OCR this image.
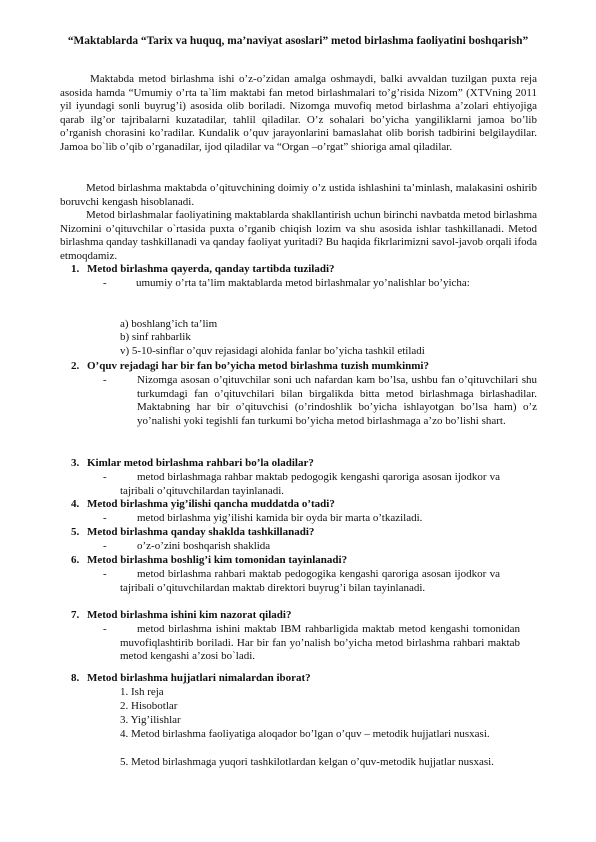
“Maktablarda “Tarix va huquq, ma’naviyat asoslari” metod birlashma faoliyatini boshqarish”
Maktabda metod birlashma ishi o’z-o’zidan amalga oshmaydi, balki avvaldan tuzilgan puxta reja asosida hamda “Umumiy o’rta ta`lim maktabi fan metod birlashmalari to’g’risida Nizom” (XTVning 2011 yil iyundagi sonli buyrug’i) asosida olib boriladi. Nizomga muvofiq metod birlashma a’zolari ehtiyojiga qarab ilg’or tajribalarni kuzatadilar, tahlil qiladilar. O’z sohalari bo’yicha yangiliklarni jamoa bo’lib o’rganish chorasini ko’radilar. Kundalik o’quv jarayonlarini bamaslahat olib borish tadbirini belgilaydilar. Jamoa bo`lib o’qib o’rganadilar, ijod qiladilar va “Organ –o’rgat” shioriga amal qiladilar.
Metod birlashma maktabda o’qituvchining doimiy o’z ustida ishlashini ta’minlash, malakasini oshirib boruvchi kengash hisoblanadi.
Metod birlashmalar faoliyatining maktablarda shakllantirish uchun birinchi navbatda metod birlashma Nizomini o’qituvchilar o`rtasida puxta o’rganib chiqish lozim va shu asosida ishlar tashkillanadi. Metod birlashma qanday tashkillanadi va qanday faoliyat yuritadi? Bu haqida fikrlarimizni savol-javob orqali ifoda etmoqdamiz.
1. Metod birlashma qayerda, qanday tartibda tuziladi?
-	umumiy o’rta ta’lim maktablarda metod birlashmalar yo’nalishlar bo’yicha:
a) boshlang’ich ta’lim
b) sinf rahbarlik
v) 5-10-sinflar o’quv rejasidagi alohida fanlar bo’yicha tashkil etiladi
2. O’quv rejadagi har bir fan bo’yicha metod birlashma tuzish mumkinmi?
-	Nizomga asosan o’qituvchilar soni uch nafardan kam bo’lsa, ushbu fan o’qituvchilari shu turkumdagi fan o’qituvchilari bilan birgalikda bitta metod birlashmaga birlashadilar. Maktabning har bir o’qituvchisi (o’rindoshlik bo’yicha ishlayotgan bo’lsa ham) o’z yo’nalishi yoki tegishli fan turkumi bo’yicha metod birlashmaga a’zo bo’lishi shart.
3. Kimlar metod birlashma rahbari bo’la oladilar?
-	metod birlashmaga rahbar maktab pedogogik kengashi qaroriga asosan ijodkor va tajribali o’qituvchilardan tayinlanadi.
4. Metod birlashma yig’ilishi qancha muddatda o’tadi?
-	metod birlashma yig’ilishi kamida bir oyda bir marta o’tkaziladi.
5. Metod birlashma qanday shaklda tashkillanadi?
-	o’z-o’zini boshqarish shaklida
6. Metod birlashma boshlig’i kim tomonidan tayinlanadi?
-	metod birlashma rahbari maktab pedogogika kengashi qaroriga asosan ijodkor va tajribali o’qituvchilardan maktab direktori buyrug’i bilan tayinlanadi.
7. Metod birlashma ishini kim nazorat qiladi?
-	metod birlashma ishini maktab IBM rahbarligida maktab metod kengashi tomonidan muvofiqlashtirib boriladi. Har bir fan yo’nalish bo’yicha metod birlashma rahbari maktab metod kengashi a’zosi bo`ladi.
8. Metod birlashma hujjatlari nimalardan iborat?
1. Ish reja
2. Hisobotlar
3. Yig’ilishlar
4. Metod birlashma faoliyatiga aloqador bo’lgan o’quv – metodik hujjatlari nusxasi.
5. Metod birlashmaga yuqori tashkilotlardan kelgan o’quv-metodik hujjatlar nusxasi.
